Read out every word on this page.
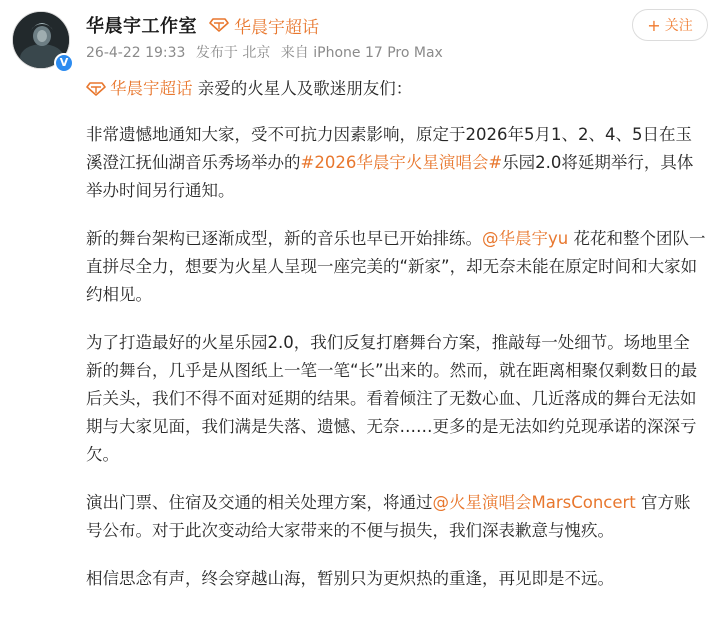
V
华晨宇工作室 华晨宇超话
26-4-22 19:33 发布于 北京 来自 iPhone 17 Pro Max
+ 关注

华晨宇超话 亲爱的火星人及歌迷朋友们：

非常遗憾地通知大家，受不可抗力因素影响，原定于2026年5月1、2、4、5日在玉溪澄江抚仙湖音乐秀场举办的#2026华晨宇火星演唱会#乐园2.0将延期举行，具体举办时间另行通知。

新的舞台架构已逐渐成型，新的音乐也早已开始排练。@华晨宇yu 花花和整个团队一直拼尽全力，想要为火星人呈现一座完美的“新家”，却无奈未能在原定时间和大家如约相见。

为了打造最好的火星乐园2.0，我们反复打磨舞台方案，推敲每一处细节。场地里全新的舞台，几乎是从图纸上一笔一笔“长”出来的。然而，就在距离相聚仅剩数日的最后关头，我们不得不面对延期的结果。看着倾注了无数心血、几近落成的舞台无法如期与大家见面，我们满是失落、遗憾、无奈……更多的是无法如约兑现承诺的深深亏欠。

演出门票、住宿及交通的相关处理方案，将通过@火星演唱会MarsConcert 官方账号公布。对于此次变动给大家带来的不便与损失，我们深表歉意与愧疚。

相信思念有声，终会穿越山海，暂别只为更炽热的重逢，再见即是不远。
